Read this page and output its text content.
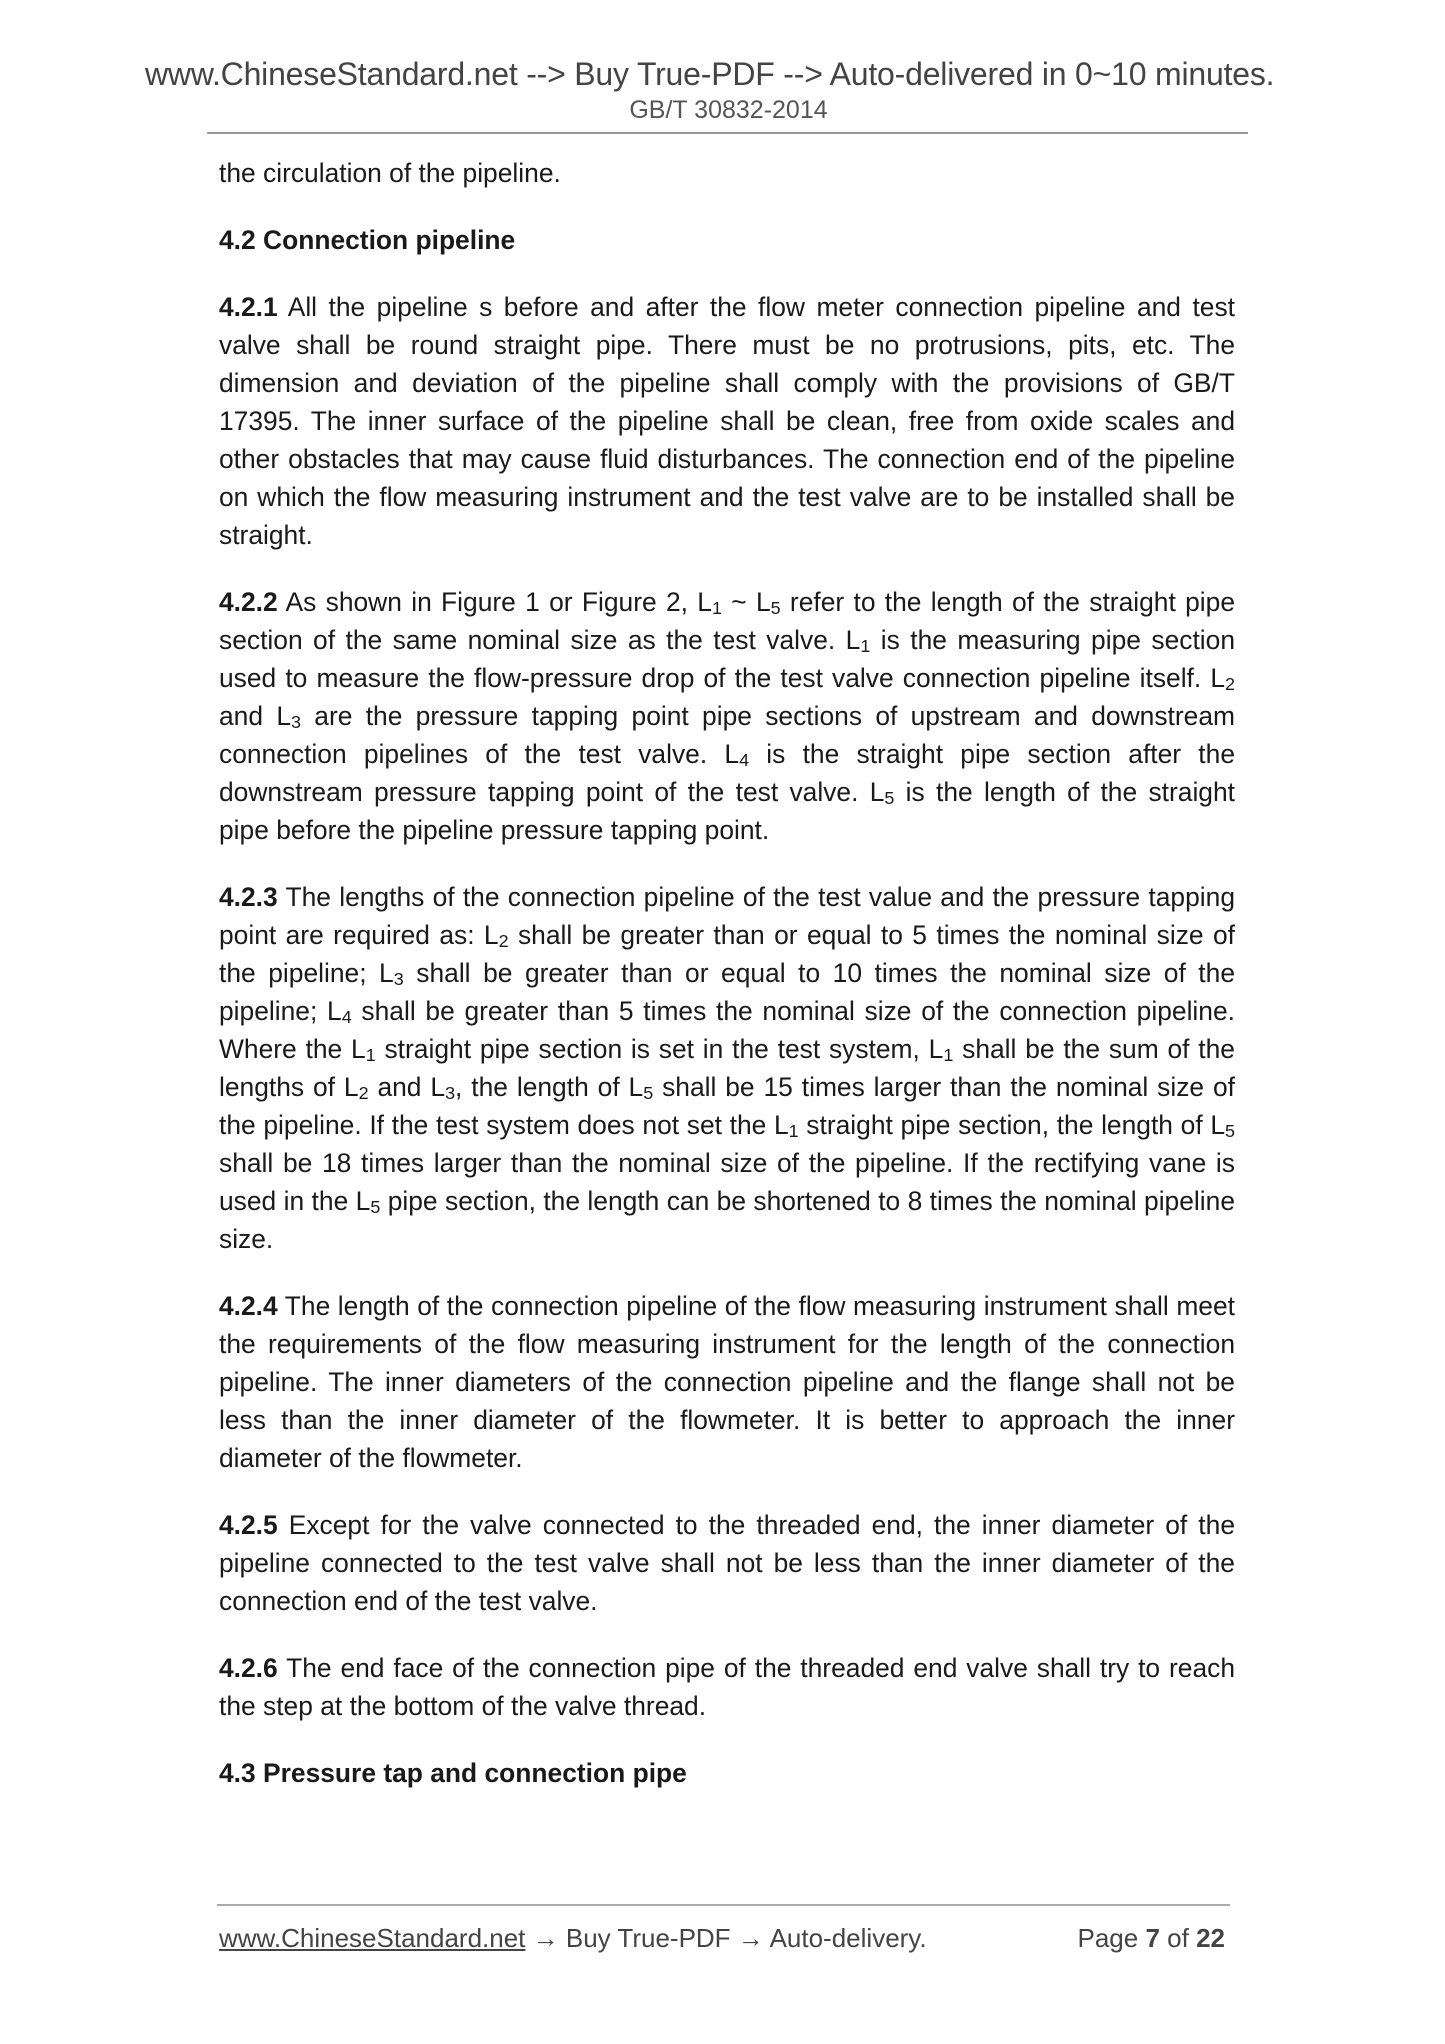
www.ChineseStandard.net --> Buy True-PDF --> Auto-delivered in 0~10 minutes.
GB/T 30832-2014
the circulation of the pipeline.
4.2 Connection pipeline
4.2.1 All the pipeline s before and after the flow meter connection pipeline and test valve shall be round straight pipe. There must be no protrusions, pits, etc. The dimension and deviation of the pipeline shall comply with the provisions of GB/T 17395. The inner surface of the pipeline shall be clean, free from oxide scales and other obstacles that may cause fluid disturbances. The connection end of the pipeline on which the flow measuring instrument and the test valve are to be installed shall be straight.
4.2.2 As shown in Figure 1 or Figure 2, $L_1$ ~ $L_5$ refer to the length of the straight pipe section of the same nominal size as the test valve. $L_1$ is the measuring pipe section used to measure the flow-pressure drop of the test valve connection pipeline itself. $L_2$ and $L_3$ are the pressure tapping point pipe sections of upstream and downstream connection pipelines of the test valve. $L_4$ is the straight pipe section after the downstream pressure tapping point of the test valve. $L_5$ is the length of the straight pipe before the pipeline pressure tapping point.
4.2.3 The lengths of the connection pipeline of the test value and the pressure tapping point are required as: $L_2$ shall be greater than or equal to 5 times the nominal size of the pipeline; $L_3$ shall be greater than or equal to 10 times the nominal size of the pipeline; $L_4$ shall be greater than 5 times the nominal size of the connection pipeline. Where the $L_1$ straight pipe section is set in the test system, $L_1$ shall be the sum of the lengths of $L_2$ and $L_3$, the length of $L_5$ shall be 15 times larger than the nominal size of the pipeline. If the test system does not set the $L_1$ straight pipe section, the length of $L_5$ shall be 18 times larger than the nominal size of the pipeline. If the rectifying vane is used in the $L_5$ pipe section, the length can be shortened to 8 times the nominal pipeline size.
4.2.4 The length of the connection pipeline of the flow measuring instrument shall meet the requirements of the flow measuring instrument for the length of the connection pipeline. The inner diameters of the connection pipeline and the flange shall not be less than the inner diameter of the flowmeter. It is better to approach the inner diameter of the flowmeter.
4.2.5 Except for the valve connected to the threaded end, the inner diameter of the pipeline connected to the test valve shall not be less than the inner diameter of the connection end of the test valve.
4.2.6 The end face of the connection pipe of the threaded end valve shall try to reach the step at the bottom of the valve thread.
4.3 Pressure tap and connection pipe
www.ChineseStandard.net → Buy True-PDF → Auto-delivery.	Page 7 of 22
